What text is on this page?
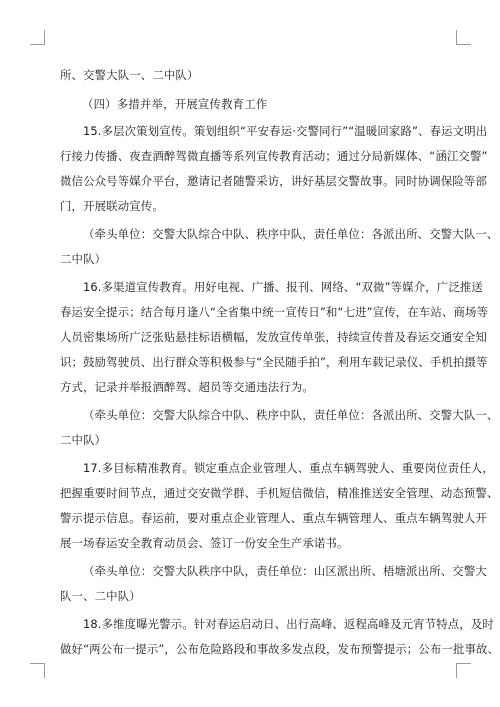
所、交警大队一、二中队）
（四）多措并举，开展宣传教育工作
15.多层次策划宣传。策划组织“平安春运·交警同行”“温暖回家路”、春运文明出
行接力传播、夜查酒醉驾微直播等系列宣传教育活动；通过分局新媒体、“涵江交警”
微信公众号等媒介平台，邀请记者随警采访，讲好基层交警故事。同时协调保险等部
门，开展联动宣传。
（牵头单位：交警大队综合中队、秩序中队，责任单位：各派出所、交警大队一、
二中队）
16.多渠道宣传教育。用好电视、广播、报刊、网络、“双微”等媒介，广泛推送
春运安全提示；结合每月逢八“全省集中统一宣传日”和“七进”宣传，在车站、商场等
人员密集场所广泛张贴悬挂标语横幅，发放宣传单张，持续宣传普及春运交通安全知
识；鼓励驾驶员、出行群众等积极参与“全民随手拍”，利用车载记录仪、手机拍摄等
方式，记录并举报酒醉驾、超员等交通违法行为。
（牵头单位：交警大队综合中队、秩序中队，责任单位：各派出所、交警大队一、
二中队）
17.多目标精准教育。锁定重点企业管理人、重点车辆驾驶人、重要岗位责任人，
把握重要时间节点，通过交安微学群、手机短信微信，精准推送安全管理、动态预警、
警示提示信息。春运前，要对重点企业管理人、重点车辆管理人、重点车辆驾驶人开
展一场春运安全教育动员会、签订一份安全生产承诺书。
（牵头单位：交警大队秩序中队，责任单位：山区派出所、梧塘派出所、交警大
队一、二中队）
18.多维度曝光警示。针对春运启动日、出行高峰、返程高峰及元宵节特点，及时
做好“两公布一提示”，公布危险路段和事故多发点段，发布预警提示；公布一批事故、
